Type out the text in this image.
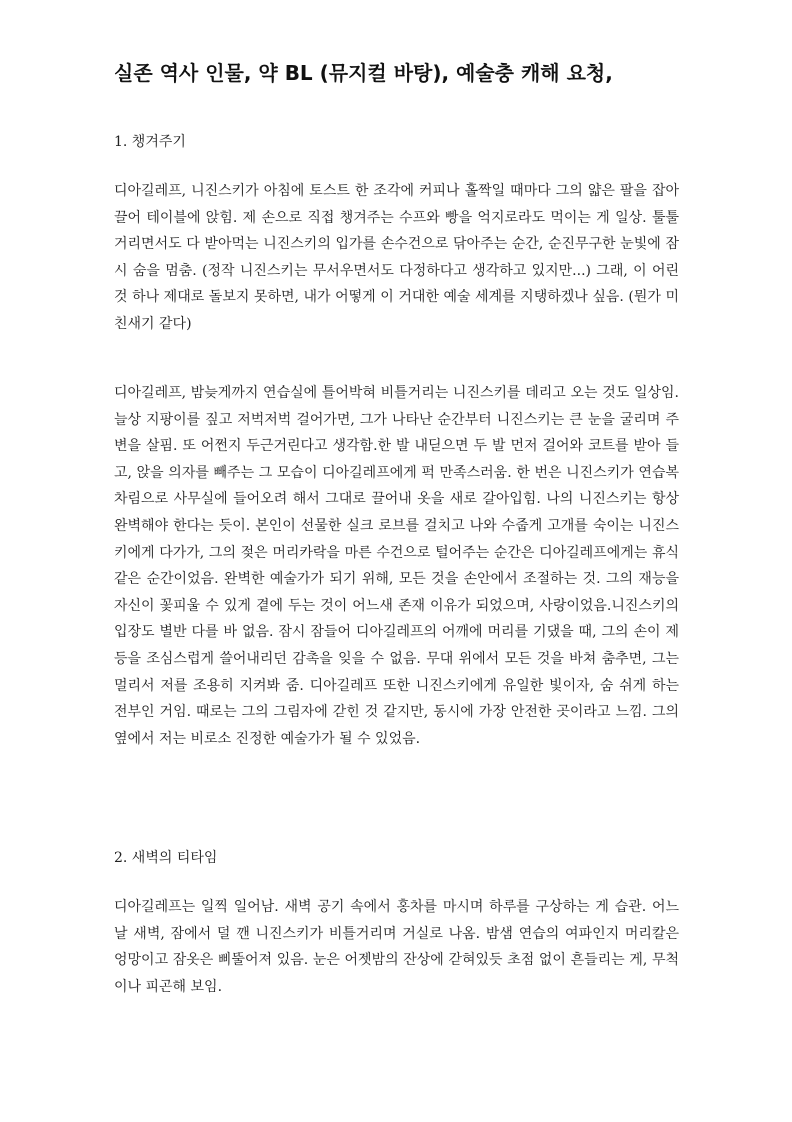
실존 역사 인물, 약 BL (뮤지컬 바탕), 예술충 캐해 요청,
1. 챙겨주기

디아길레프, 니진스키가 아침에 토스트 한 조각에 커피나 홀짝일 때마다 그의 얇은 팔을 잡아끌어 테이블에 앉힘. 제 손으로 직접 챙겨주는 수프와 빵을 억지로라도 먹이는 게 일상. 툴툴거리면서도 다 받아먹는 니진스키의 입가를 손수건으로 닦아주는 순간, 순진무구한 눈빛에 잠시 숨을 멈춤. (정작 니진스키는 무서우면서도 다정하다고 생각하고 있지만...) 그래, 이 어린 것 하나 제대로 돌보지 못하면, 내가 어떻게 이 거대한 예술 세계를 지탱하겠나 싶음. (뭔가 미친새기 같다)

디아길레프, 밤늦게까지 연습실에 틀어박혀 비틀거리는 니진스키를 데리고 오는 것도 일상임. 늘상 지팡이를 짚고 저벅저벅 걸어가면, 그가 나타난 순간부터 니진스키는 큰 눈을 굴리며 주변을 살핌. 또 어쩐지 두근거린다고 생각함.한 발 내딛으면 두 발 먼저 걸어와 코트를 받아 들고, 앉을 의자를 빼주는 그 모습이 디아길레프에게 퍽 만족스러움. 한 번은 니진스키가 연습복 차림으로 사무실에 들어오려 해서 그대로 끌어내 옷을 새로 갈아입힘. 나의 니진스키는 항상 완벽해야 한다는 듯이. 본인이 선물한 실크 로브를 걸치고 나와 수줍게 고개를 숙이는 니진스키에게 다가가, 그의 젖은 머리카락을 마른 수건으로 털어주는 순간은 디아길레프에게는 휴식 같은 순간이었음. 완벽한 예술가가 되기 위해, 모든 것을 손안에서 조절하는 것. 그의 재능을 자신이 꽃피울 수 있게 곁에 두는 것이 어느새 존재 이유가 되었으며, 사랑이었음.니진스키의 입장도 별반 다를 바 없음. 잠시 잠들어 디아길레프의 어깨에 머리를 기댔을 때, 그의 손이 제 등을 조심스럽게 쓸어내리던 감촉을 잊을 수 없음. 무대 위에서 모든 것을 바쳐 춤추면, 그는 멀리서 저를 조용히 지켜봐 줌. 디아길레프 또한 니진스키에게 유일한 빛이자, 숨 쉬게 하는 전부인 거임. 때로는 그의 그림자에 갇힌 것 같지만, 동시에 가장 안전한 곳이라고 느낌. 그의 옆에서 저는 비로소 진정한 예술가가 될 수 있었음.

2. 새벽의 티타임

디아길레프는 일찍 일어남. 새벽 공기 속에서 홍차를 마시며 하루를 구상하는 게 습관. 어느 날 새벽, 잠에서 덜 깬 니진스키가 비틀거리며 거실로 나옴. 밤샘 연습의 여파인지 머리칼은 엉망이고 잠옷은 삐뚤어져 있음. 눈은 어젯밤의 잔상에 갇혀있듯 초점 없이 흔들리는 게, 무척이나 피곤해 보임.
